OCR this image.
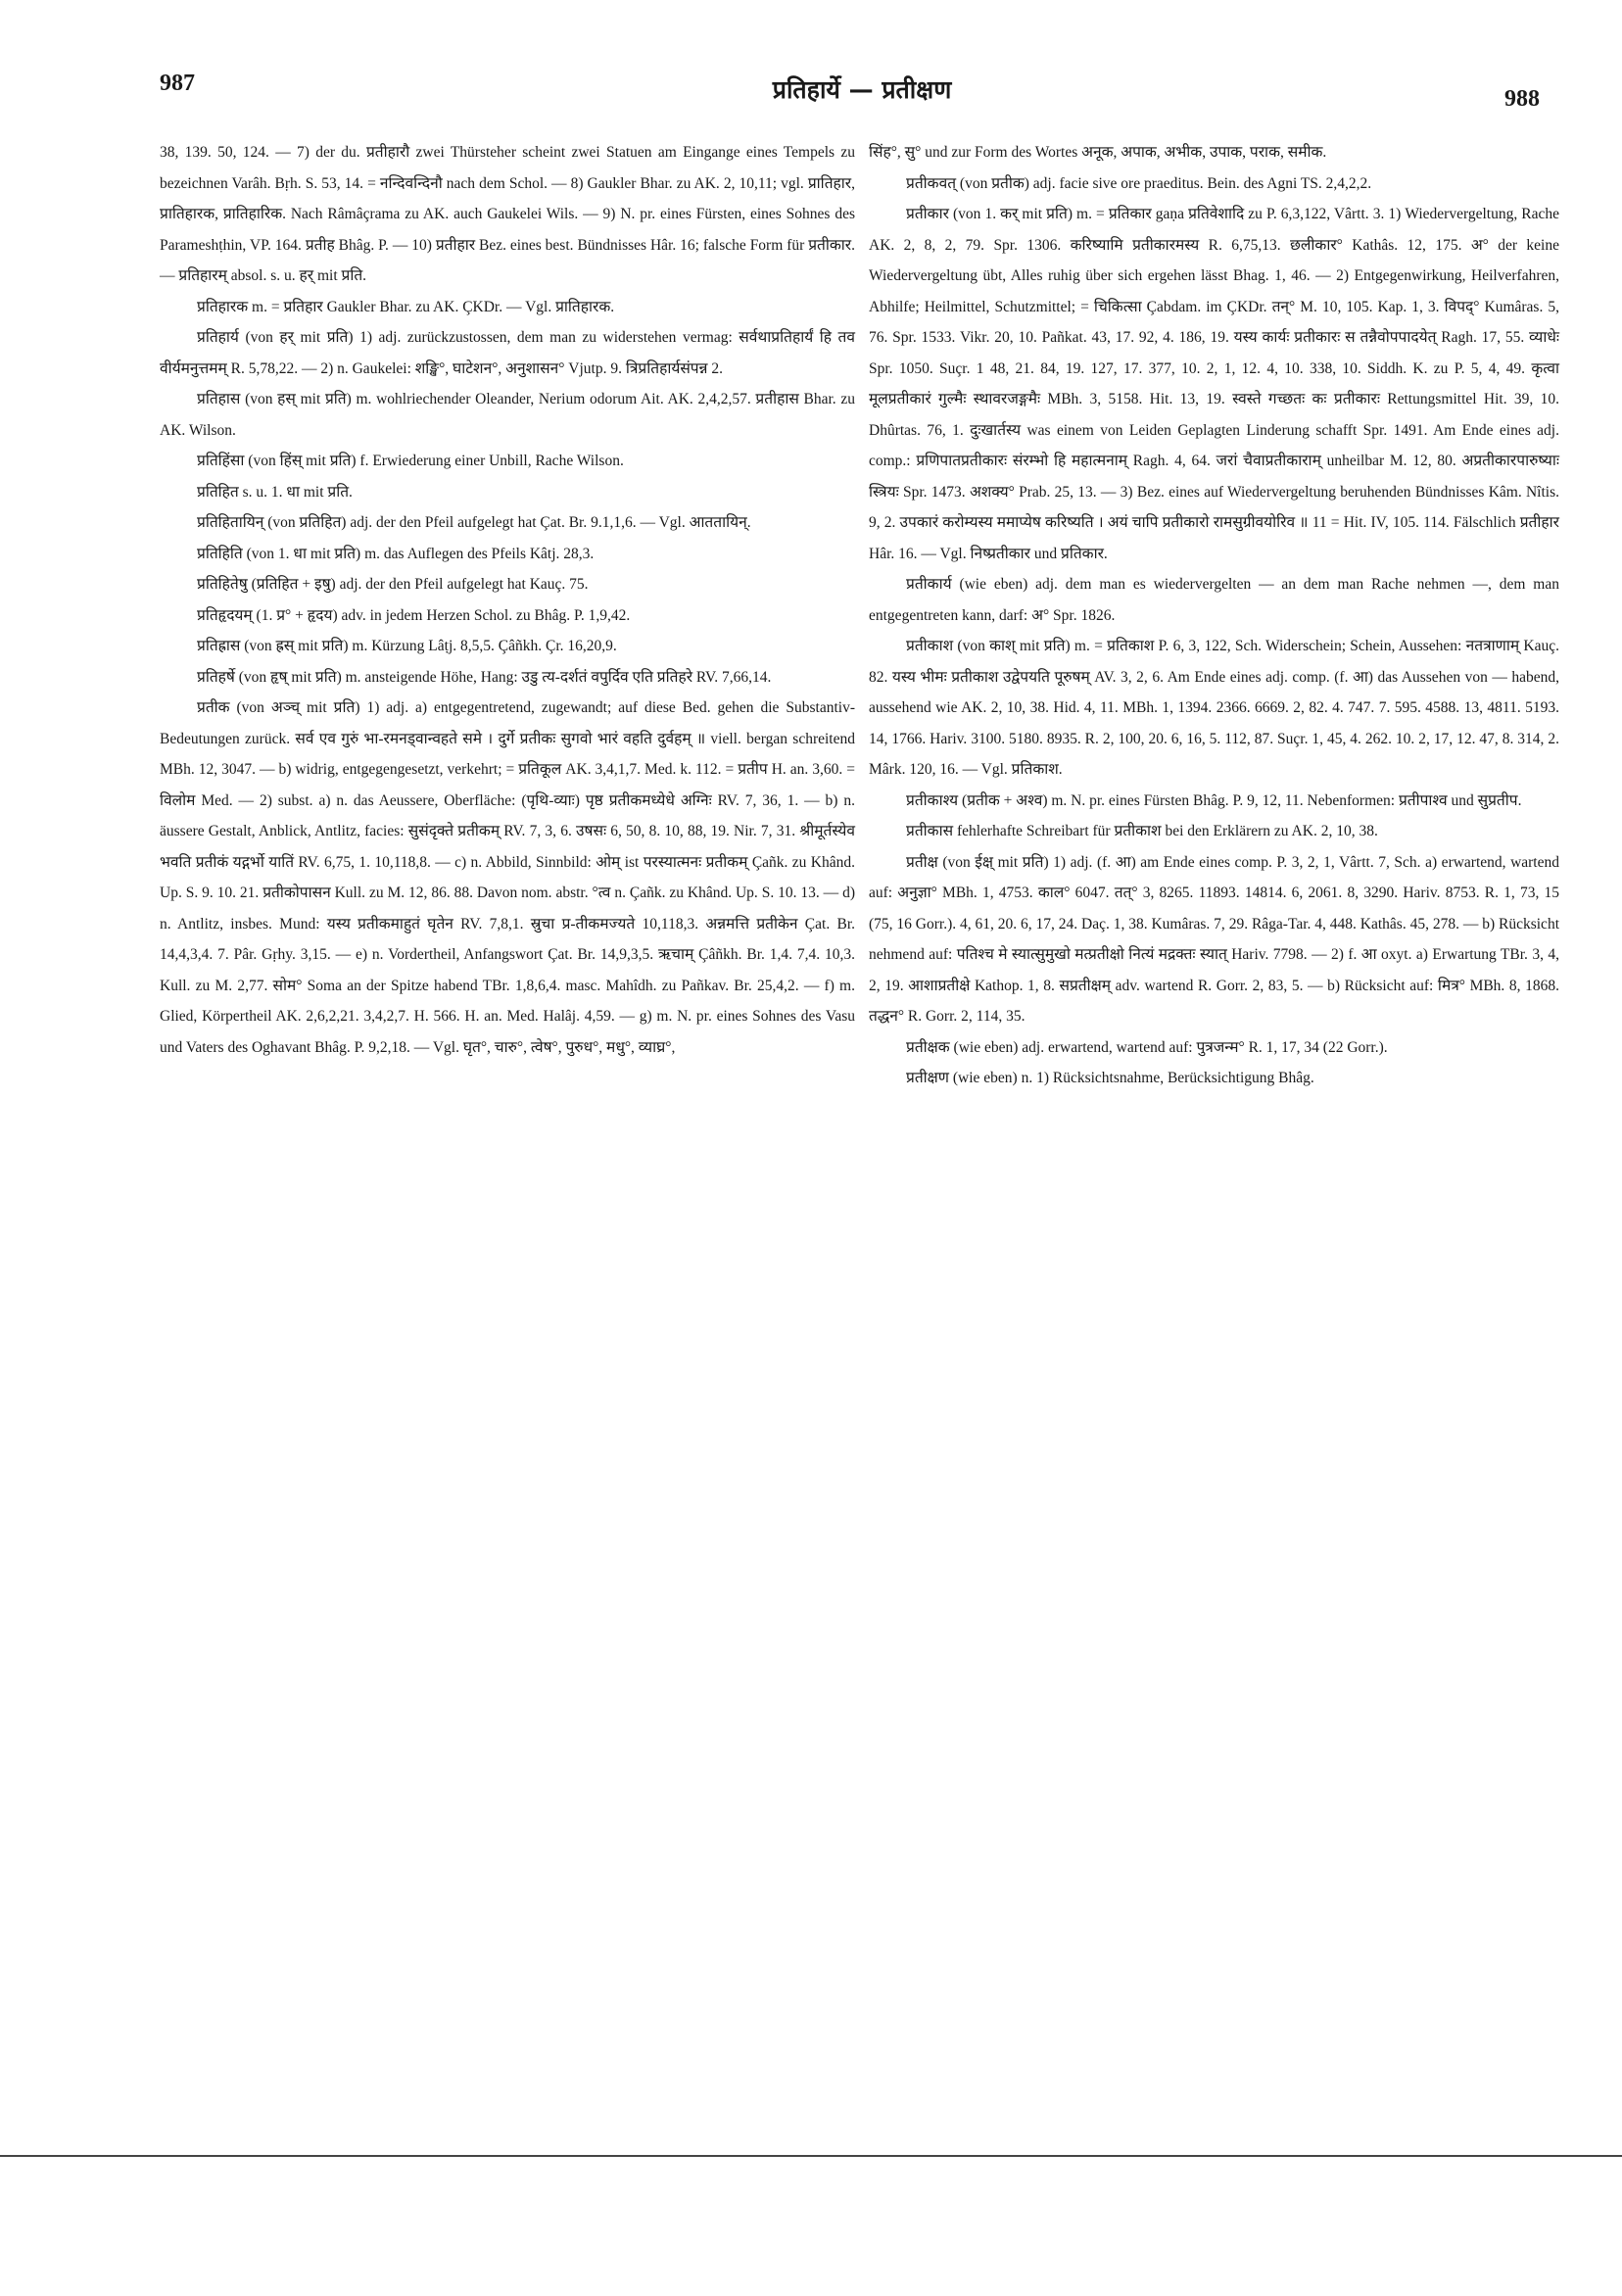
987	प्रतिहार्ये — प्रतीक्षण	988

38, 139. 50, 124. — 7) der du. प्रतीहारौ zwei Thürsteher scheint zwei Statuen am Eingange eines Tempels zu bezeichnen Varâh. Bṛh. S. 53, 14. = नन्दिवन्दिनौ nach dem Schol. — 8) Gaukler Bhar. zu AK. 2, 10,11; vgl. प्रातिहार, प्रातिहारक, प्रातिहारिक. Nach Râmâçrama zu AK. auch Gaukelei Wils. — 9) N. pr. eines Fürsten, eines Sohnes des Parameshṭhin, VP. 164. प्रतीह Bhâg. P. — 10) प्रतीहार Bez. eines best. Bündnisses Hâr. 16; falsche Form für प्रतीकार. — प्रतिहारम् absol. s. u. हर् mit प्रति.

प्रतिहारक m. = प्रतिहार Gaukler Bhar. zu AK. ÇKDr. — Vgl. प्रातिहारक.

प्रतिहार्य (von हर् mit प्रति) 1) adj. zurückzustossen, dem man zu widerstehen vermag: सर्वथाप्रतिहार्यं हि तव वीर्यमनुत्तमम् R. 5,78,22. — 2) n. Gaukelei: शङ्खि°, घाटेशन°, अनुशासन° Vjutp. 9. त्रिप्रतिहार्यसंपन्न 2.

प्रतिहास (von हस् mit प्रति) m. wohlriechender Oleander, Nerium odorum Ait. AK. 2,4,2,57. प्रतीहास Bhar. zu AK. Wilson.

प्रतिहिंसा (von हिंस् mit प्रति) f. Erwiederung einer Unbill, Rache Wilson.

प्रतिहित s. u. 1. धा mit प्रति.

प्रतिहितायिन् (von प्रतिहित) adj. der den Pfeil aufgelegt hat Çat. Br. 9.1,1,6. — Vgl. आततायिन्.

प्रतिहिति (von 1. धा mit प्रति) m. das Auflegen des Pfeils Kâtj. 28,3.

प्रतिहितेषु (प्रतिहित + इषु) adj. der den Pfeil aufgelegt hat Kauç. 75.

प्रतिहृदयम् (1. प्र° + हृदय) adv. in jedem Herzen Schol. zu Bhâg. P. 1,9,42.

प्रतिह्रास (von ह्रस् mit प्रति) m. Kürzung Lâṭj. 8,5,5. Çâñkh. Çr. 16,20,9.

प्रतिहर्षे (von हृष् mit प्रति) m. ansteigende Höhe, Hang: उडु त्य-दर्शतं वपुर्दिव एति प्रतिहरे RV. 7,66,14.

प्रतीक (von अञ्च् mit प्रति) 1) adj. a) entgegentretend, zugewandt; auf diese Bed. gehen die Substantiv-Bedeutungen zurück. सर्व एव गुरुं भा-रमनड्वान्वहते समे । दुर्गे प्रतीकः सुगवो भारं वहति दुर्वहम् ॥ viell. bergan schreitend MBh. 12, 3047. — b) widrig, entgegengesetzt, verkehrt; = प्रतिकूल AK. 3,4,1,7. Med. k. 112. = प्रतीप H. an. 3,60. = विलोम Med. — 2) subst. a) n. das Aeussere, Oberfläche: (पृथि-व्याः) पृष्ठ प्रतीकमध्येधे अग्निः RV. 7, 36, 1. — b) n. äussere Gestalt, Anblick, Antlitz, facies: सुसंदृक्ते प्रतीकम् RV. 7, 3, 6. उषसः 6, 50, 8. 10, 88, 19. Nir. 7, 31. श्रीमूर्तस्येव भवति प्रतीकं यद्गर्भो यातिं RV. 6,75, 1. 10,118,8. — c) n. Abbild, Sinnbild: ओम् ist परस्यात्मनः प्रतीकम् Çañk. zu Khând. Up. S. 9. 10. 21. प्रतीकोपासन Kull. zu M. 12, 86. 88. Davon nom. abstr. °त्व n. Çañk. zu Khând. Up. S. 10. 13. — d) n. Antlitz, insbes. Mund: यस्य प्रतीकमाहुतं घृतेन RV. 7,8,1. स्रुचा प्र-तीकमज्यते 10,118,3. अन्नमत्ति प्रतीकेन Çat. Br. 14,4,3,4. 7. Pâr. Gṛhy. 3,15. — e) n. Vordertheil, Anfangswort Çat. Br. 14,9,3,5. ऋचाम् Çâñkh. Br. 1,4. 7,4. 10,3. Kull. zu M. 2,77. सोम° Soma an der Spitze habend TBr. 1,8,6,4. masc. Mahîdh. zu Pañkav. Br. 25,4,2. — f) m. Glied, Körpertheil AK. 2,6,2,21. 3,4,2,7. H. 566. H. an. Med. Halâj. 4,59. — g) m. N. pr. eines Sohnes des Vasu und Vaters des Oghavant Bhâg. P. 9,2,18. — Vgl. घृत°, चारु°, त्वेष°, पुरुध°, मधु°, व्याघ्र°,

सिंह°, सु° und zur Form des Wortes अनूक, अपाक, अभीक, उपाक, पराक, समीक.

प्रतीकवत् (von प्रतीक) adj. facie sive ore praeditus. Bein. des Agni TS. 2,4,2,2.

प्रतीकार (von 1. कर् mit प्रति) m. = प्रतिकार gaṇa प्रतिवेशादि zu P. 6,3,122, Vârtt. 3. 1) Wiedervergeltung, Rache AK. 2, 8, 2, 79. Spr. 1306. करिष्यामि प्रतीकारमस्य R. 6,75,13. छलीकार° Kathâs. 12, 175. अ° der keine Wiedervergeltung übt, Alles ruhig über sich ergehen lässt Bhag. 1, 46. — 2) Entgegenwirkung, Heilverfahren, Abhilfe; Heilmittel, Schutzmittel; = चिकित्सा Çabdam. im ÇKDr. तन्° M. 10, 105. Kap. 1, 3. विपद्° Kumâras. 5, 76. Spr. 1533. Vikr. 20, 10. Pañkat. 43, 17. 92, 4. 186, 19. यस्य कार्यः प्रतीकारः स तन्नैवोपपादयेत् Ragh. 17, 55. व्याधेः Spr. 1050. Suçr. 1 48, 21. 84, 19. 127, 17. 377, 10. 2, 1, 12. 4, 10. 338, 10. Siddh. K. zu P. 5, 4, 49. कृत्वा मूलप्रतीकारं गुल्मैः स्थावरजङ्गमैः MBh. 3, 5158. Hit. 13, 19. स्वस्ते गच्छतः कः प्रतीकारः Rettungsmittel Hit. 39, 10. Dhûrtas. 76, 1. दुःखार्तस्य was einem von Leiden Geplagten Linderung schafft Spr. 1491. Am Ende eines adj. comp.: प्रणिपातप्रतीकारः संरम्भो हि महात्मनाम् Ragh. 4, 64. जरां चैवाप्रतीकाराम् unheilbar M. 12, 80. अप्रतीकारपारुष्याः स्त्रियः Spr. 1473. अशक्य° Prab. 25, 13. — 3) Bez. eines auf Wiedervergeltung beruhenden Bündnisses Kâm. Nîtis. 9, 2. उपकारं करोम्यस्य ममाप्येष करिष्यति । अयं चापि प्रतीकारो रामसुग्रीवयोरिव ॥ 11 = Hit. IV, 105. 114. Fälschlich प्रतीहार Hâr. 16. — Vgl. निष्प्रतीकार und प्रतिकार.

प्रतीकार्य (wie eben) adj. dem man es wiedervergelten — an dem man Rache nehmen —, dem man entgegentreten kann, darf: अ° Spr. 1826.

प्रतीकाश (von काश् mit प्रति) m. = प्रतिकाश P. 6, 3, 122, Sch. Widerschein; Schein, Aussehen: नतत्राणाम् Kauç. 82. यस्य भीमः प्रतीकाश उद्वेपयति पूरुषम् AV. 3, 2, 6. Am Ende eines adj. comp. (f. आ) das Aussehen von — habend, aussehend wie AK. 2, 10, 38. Hid. 4, 11. MBh. 1, 1394. 2366. 6669. 2, 82. 4. 747. 7. 595. 4588. 13, 4811. 5193. 14, 1766. Hariv. 3100. 5180. 8935. R. 2, 100, 20. 6, 16, 5. 112, 87. Suçr. 1, 45, 4. 262. 10. 2, 17, 12. 47, 8. 314, 2. Mârk. 120, 16. — Vgl. प्रतिकाश.

प्रतीकाश्य (प्रतीक + अश्व) m. N. pr. eines Fürsten Bhâg. P. 9, 12, 11. Nebenformen: प्रतीपाश्व und सुप्रतीप.

प्रतीकास fehlerhafte Schreibart für प्रतीकाश bei den Erklärern zu AK. 2, 10, 38.

प्रतीक्ष (von ईक्ष् mit प्रति) 1) adj. (f. आ) am Ende eines comp. P. 3, 2, 1, Vârtt. 7, Sch. a) erwartend, wartend auf: अनुज्ञा° MBh. 1, 4753. काल° 6047. तत्° 3, 8265. 11893. 14814. 6, 2061. 8, 3290. Hariv. 8753. R. 1, 73, 15 (75, 16 Gorr.). 4, 61, 20. 6, 17, 24. Daç. 1, 38. Kumâras. 7, 29. Râga-Tar. 4, 448. Kathâs. 45, 278. — b) Rücksicht nehmend auf: पतिश्च मे स्यात्सुमुखो मत्प्रतीक्षो नित्यं मद्रक्तः स्यात् Hariv. 7798. — 2) f. आ oxyt. a) Erwartung TBr. 3, 4, 2, 19. आशाप्रतीक्षे Kathop. 1, 8. सप्रतीक्षम् adv. wartend R. Gorr. 2, 83, 5. — b) Rücksicht auf: मित्र° MBh. 8, 1868. तद्धन° R. Gorr. 2, 114, 35.

प्रतीक्षक (wie eben) adj. erwartend, wartend auf: पुत्रजन्म° R. 1, 17, 34 (22 Gorr.).

प्रतीक्षण (wie eben) n. 1) Rücksichtsnahme, Berücksichtigung Bhâg.
